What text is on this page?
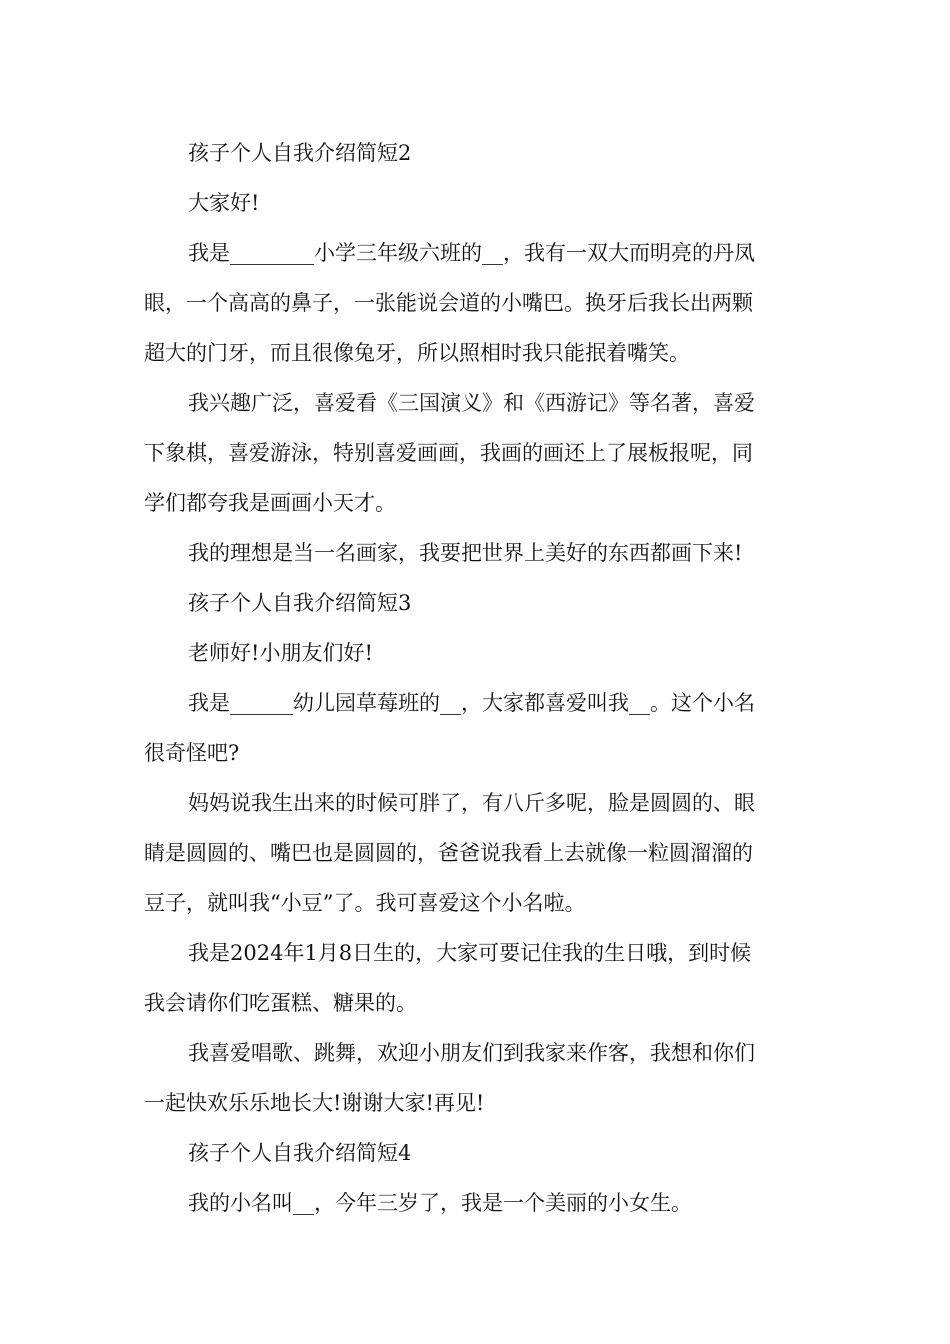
孩子个人自我介绍简短2

大家好!

我是________小学三年级六班的__，我有一双大而明亮的丹凤

眼，一个高高的鼻子，一张能说会道的小嘴巴。换牙后我长出两颗

超大的门牙，而且很像兔牙，所以照相时我只能抿着嘴笑。

我兴趣广泛，喜爱看《三国演义》和《西游记》等名著，喜爱

下象棋，喜爱游泳，特别喜爱画画，我画的画还上了展板报呢，同

学们都夸我是画画小天才。

我的理想是当一名画家，我要把世界上美好的东西都画下来!

孩子个人自我介绍简短3

老师好!小朋友们好!

我是______幼儿园草莓班的__，大家都喜爱叫我__。这个小名

很奇怪吧?

妈妈说我生出来的时候可胖了，有八斤多呢，脸是圆圆的、眼

睛是圆圆的、嘴巴也是圆圆的，爸爸说我看上去就像一粒圆溜溜的

豆子，就叫我“小豆”了。我可喜爱这个小名啦。

我是2024年1月8日生的，大家可要记住我的生日哦，到时候

我会请你们吃蛋糕、糖果的。

我喜爱唱歌、跳舞，欢迎小朋友们到我家来作客，我想和你们

一起快欢乐乐地长大!谢谢大家!再见!

孩子个人自我介绍简短4

我的小名叫__，今年三岁了，我是一个美丽的小女生。
